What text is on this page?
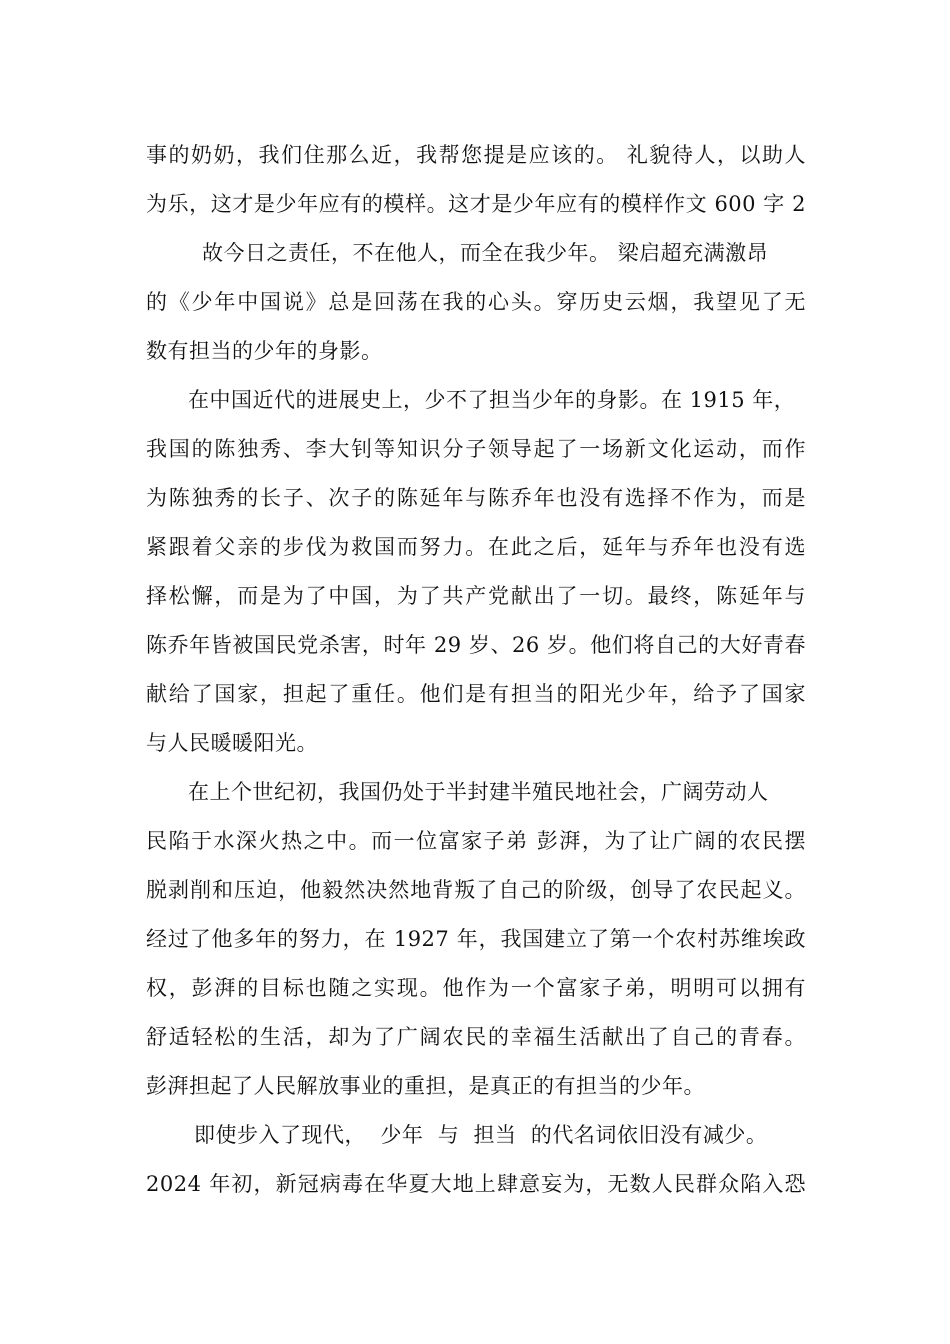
事的奶奶，我们住那么近，我帮您提是应该的。 礼貌待人，以助人
为乐，这才是少年应有的模样。这才是少年应有的模样作文 600 字 2
故今日之责任，不在他人，而全在我少年。 梁启超充满激昂
的《少年中国说》总是回荡在我的心头。穿历史云烟，我望见了无
数有担当的少年的身影。
在中国近代的进展史上，少不了担当少年的身影。在 1915 年，
我国的陈独秀、李大钊等知识分子领导起了一场新文化运动，而作
为陈独秀的长子、次子的陈延年与陈乔年也没有选择不作为，而是
紧跟着父亲的步伐为救国而努力。在此之后，延年与乔年也没有选
择松懈，而是为了中国，为了共产党献出了一切。最终，陈延年与
陈乔年皆被国民党杀害，时年 29 岁、26 岁。他们将自己的大好青春
献给了国家，担起了重任。他们是有担当的阳光少年，给予了国家
与人民暖暖阳光。
在上个世纪初，我国仍处于半封建半殖民地社会，广阔劳动人
民陷于水深火热之中。而一位富家子弟 彭湃，为了让广阔的农民摆
脱剥削和压迫，他毅然决然地背叛了自己的阶级，创导了农民起义。
经过了他多年的努力，在 1927 年，我国建立了第一个农村苏维埃政
权，彭湃的目标也随之实现。他作为一个富家子弟，明明可以拥有
舒适轻松的生活，却为了广阔农民的幸福生活献出了自己的青春。
彭湃担起了人民解放事业的重担，是真正的有担当的少年。
即使步入了现代，  少年  与  担当  的代名词依旧没有减少。
2024 年初，新冠病毒在华夏大地上肆意妄为，无数人民群众陷入恐
